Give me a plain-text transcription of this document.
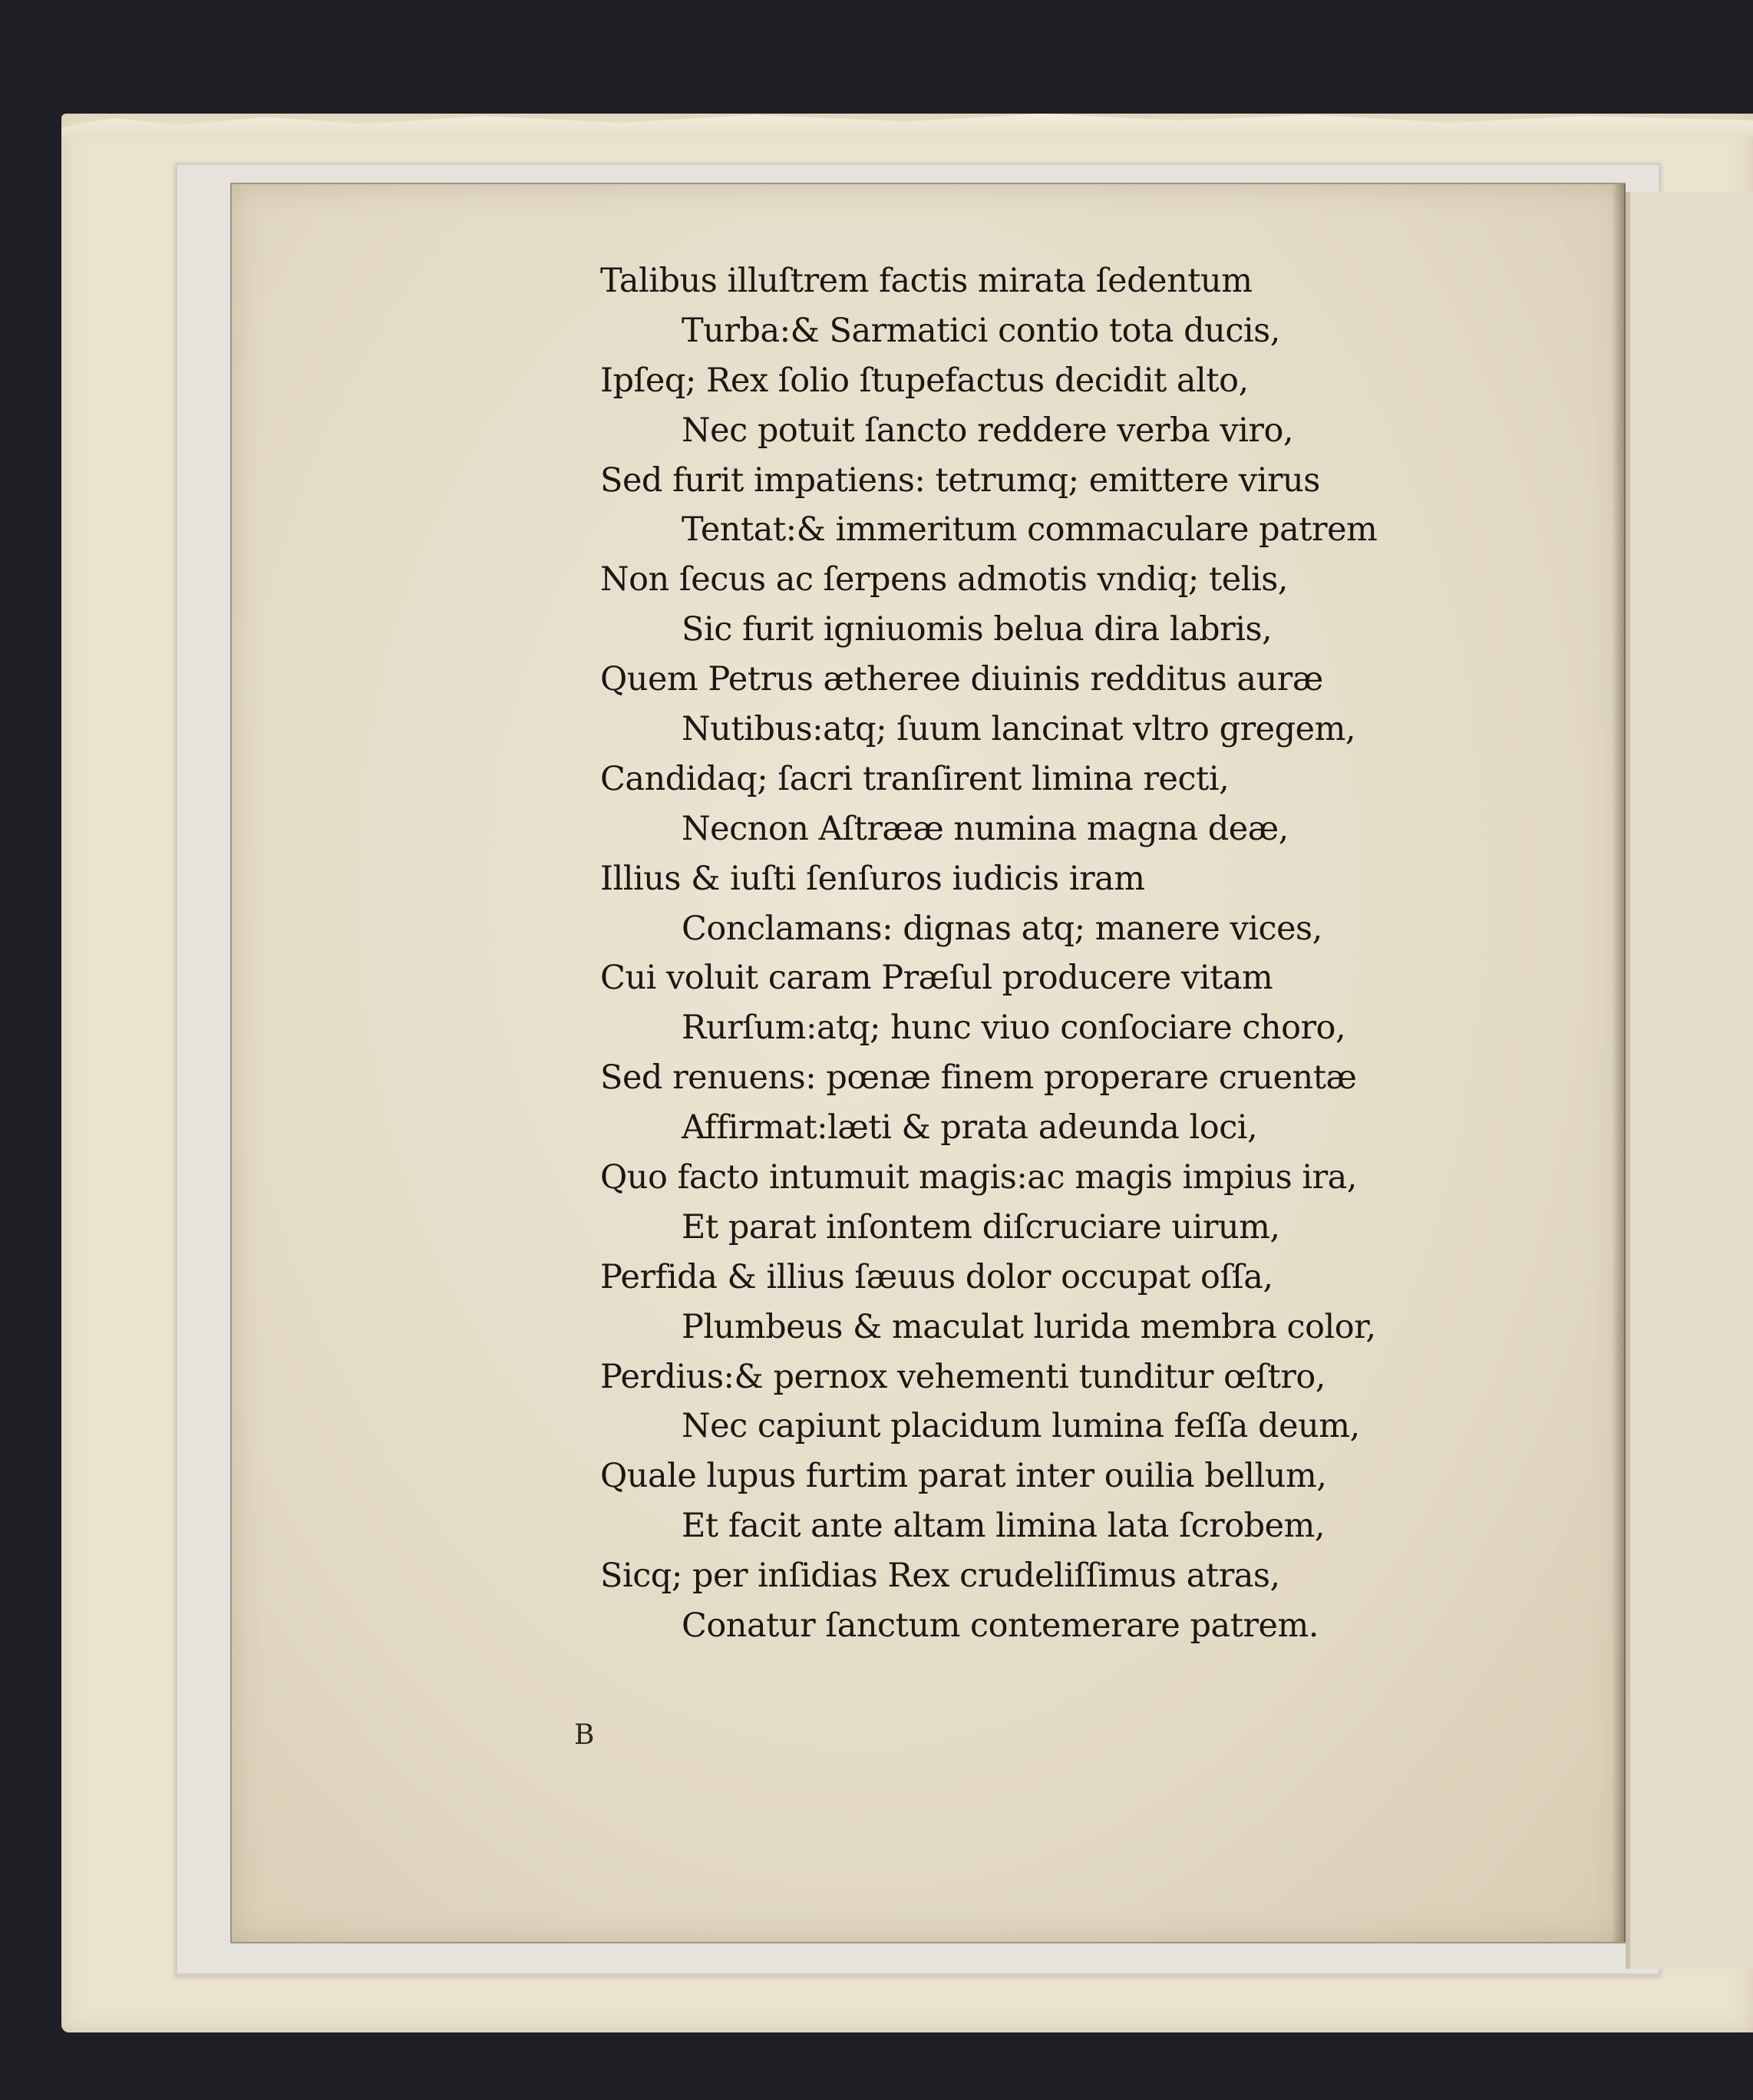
Talibus illuſtrem factis mirata ſedentum
Turba:& Sarmatici contio tota ducis,
Ipſeq; Rex ſolio ſtupefactus decidit alto,
Nec potuit ſancto reddere verba viro,
Sed furit impatiens: tetrumq; emittere virus
Tentat:& immeritum commaculare patrem
Non ſecus ac ſerpens admotis vndiq; telis,
Sic furit igniuomis belua dira labris,
Quem Petrus ætheree diuinis redditus auræ
Nutibus:atq; ſuum lancinat vltro gregem,
Candidaq; ſacri tranſirent limina recti,
Necnon Aſtrææ numina magna deæ,
Illius & iuſti ſenſuros iudicis iram
Conclamans: dignas atq; manere vices,
Cui voluit caram Præſul producere vitam
Rurſum:atq; hunc viuo conſociare choro,
Sed renuens: pœnæ finem properare cruentæ
Affirmat:læti & prata adeunda loci,
Quo facto intumuit magis:ac magis impius ira,
Et parat inſontem diſcruciare uirum,
Perfida & illius ſæuus dolor occupat oſſa,
Plumbeus & maculat lurida membra color,
Perdius:& pernox vehementi tunditur œſtro,
Nec capiunt placidum lumina feſſa deum,
Quale lupus furtim parat inter ouilia bellum,
Et facit ante altam limina lata ſcrobem,
Sicq; per inſidias Rex crudeliſſimus atras,
Conatur ſanctum contemerare patrem.
B
